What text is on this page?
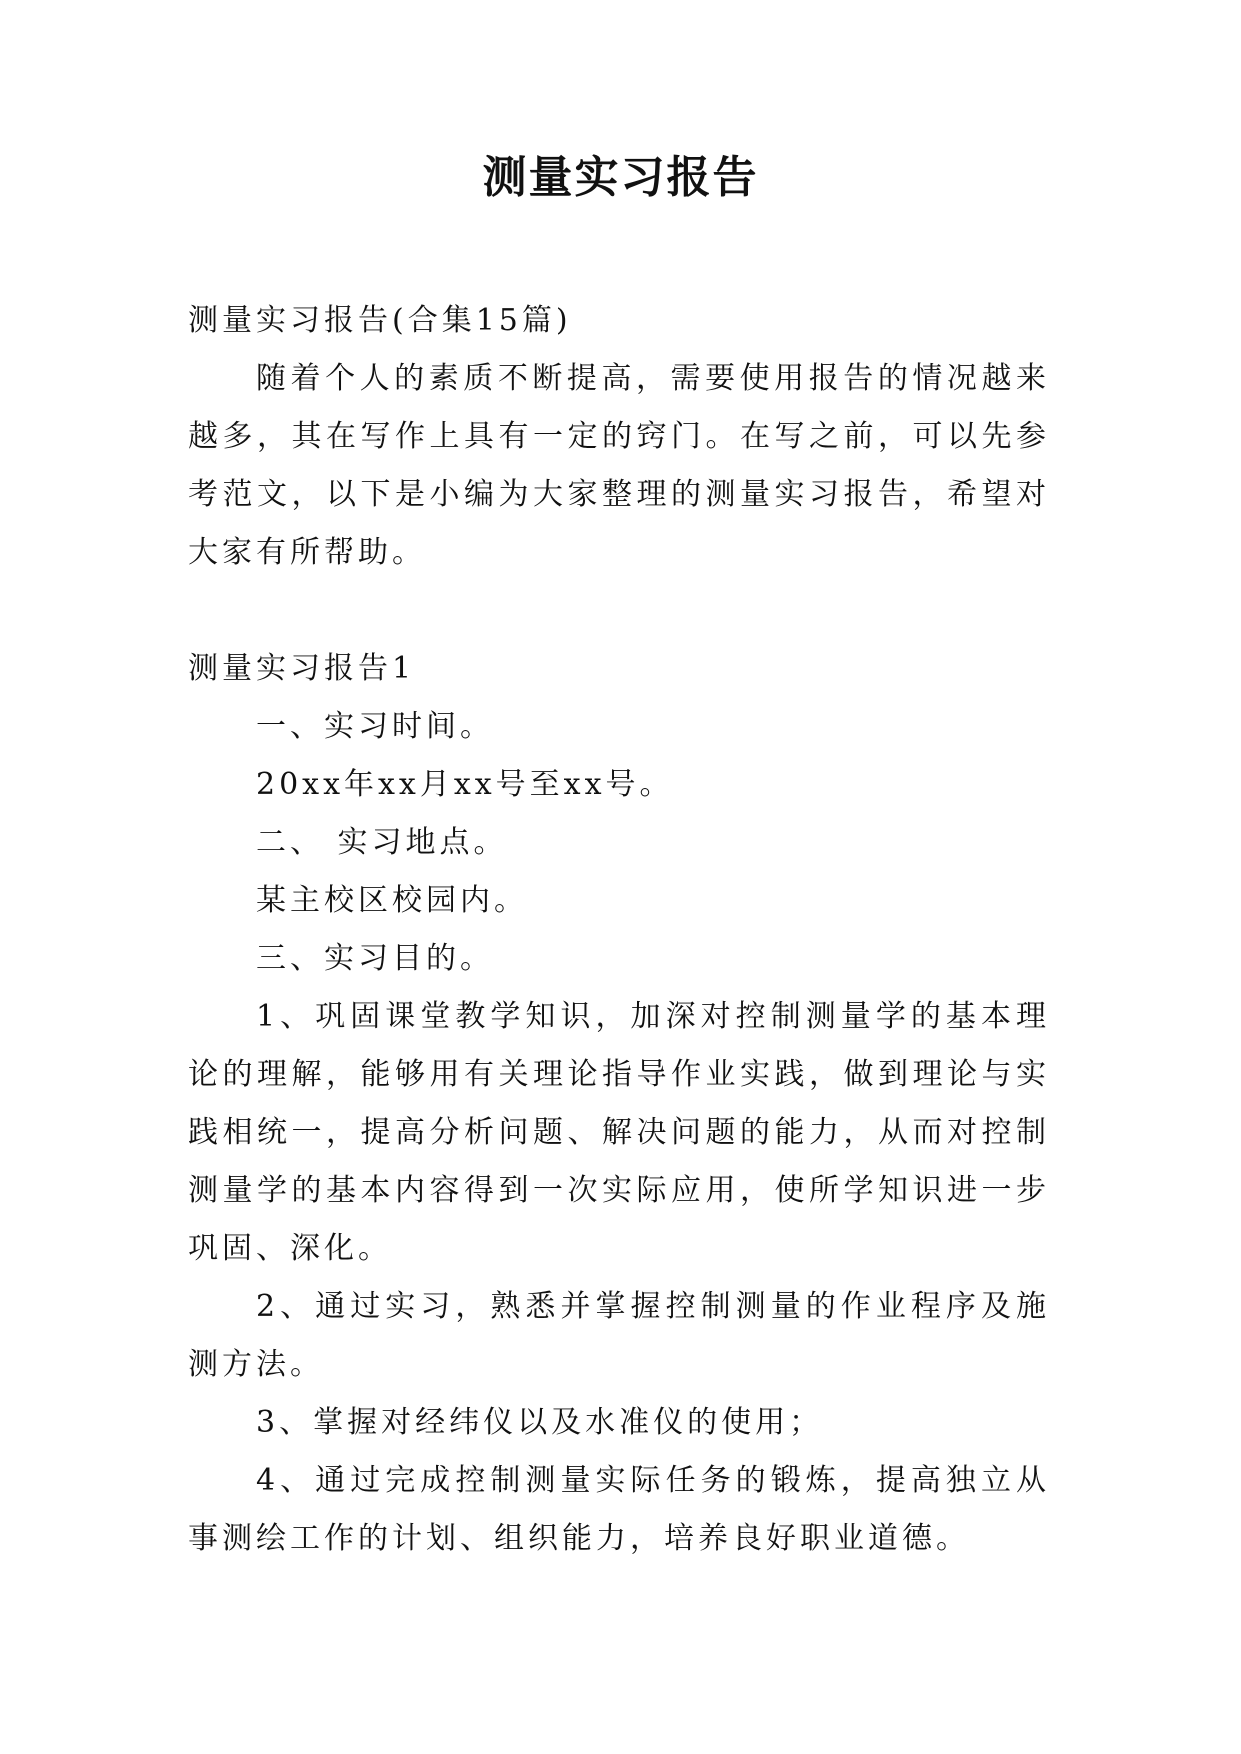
测量实习报告

测量实习报告(合集15篇)

随着个人的素质不断提高，需要使用报告的情况越来越多，其在写作上具有一定的窍门。在写之前，可以先参考范文，以下是小编为大家整理的测量实习报告，希望对大家有所帮助。

测量实习报告1

一、实习时间。

20xx年xx月xx号至xx号。

二、 实习地点。

某主校区校园内。

三、实习目的。

1、巩固课堂教学知识，加深对控制测量学的基本理论的理解，能够用有关理论指导作业实践，做到理论与实践相统一，提高分析问题、解决问题的能力，从而对控制测量学的基本内容得到一次实际应用，使所学知识进一步巩固、深化。

2、通过实习，熟悉并掌握控制测量的作业程序及施测方法。

3、掌握对经纬仪以及水准仪的使用；

4、通过完成控制测量实际任务的锻炼，提高独立从事测绘工作的计划、组织能力，培养良好职业道德。
